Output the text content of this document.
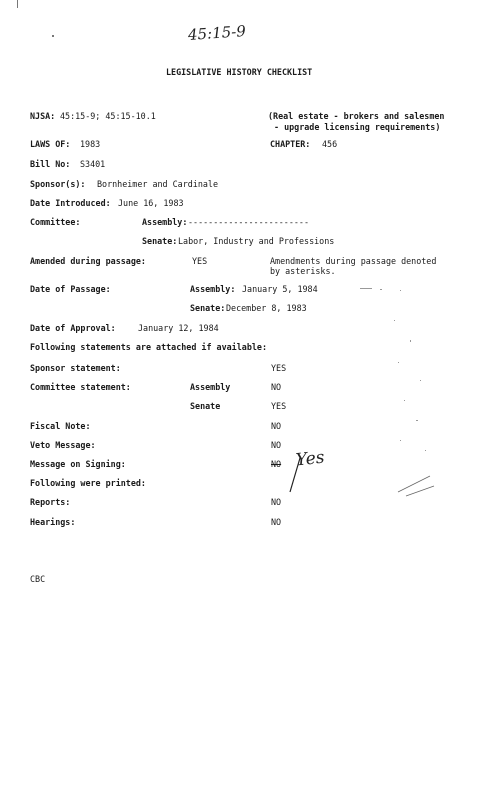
45:15-9
LEGISLATIVE HISTORY CHECKLIST
NJSA: 45:15-9; 45:15-10.1	(Real estate - brokers and salesmen
- upgrade licensing requirements)
LAWS OF: 1983	CHAPTER: 456
Bill No: S3401
Sponsor(s): Bornheimer and Cardinale
Date Introduced: June 16, 1983
Committee:	Assembly: ------------------------
Senate: Labor, Industry and Professions
Amended during passage:	YES	Amendments during passage denoted
by asterisks.
Date of Passage:	Assembly: January 5, 1984
Senate: December 8, 1983
Date of Approval:	January 12, 1984
Following statements are attached if available:
Sponsor statement:	YES
Committee statement:	Assembly	NO
Senate	YES
Fiscal Note:	NO
Veto Message:	NO
Message on Signing:	NO Yes
Following were printed:
Reports:	NO
Hearings:	NO
CBC
